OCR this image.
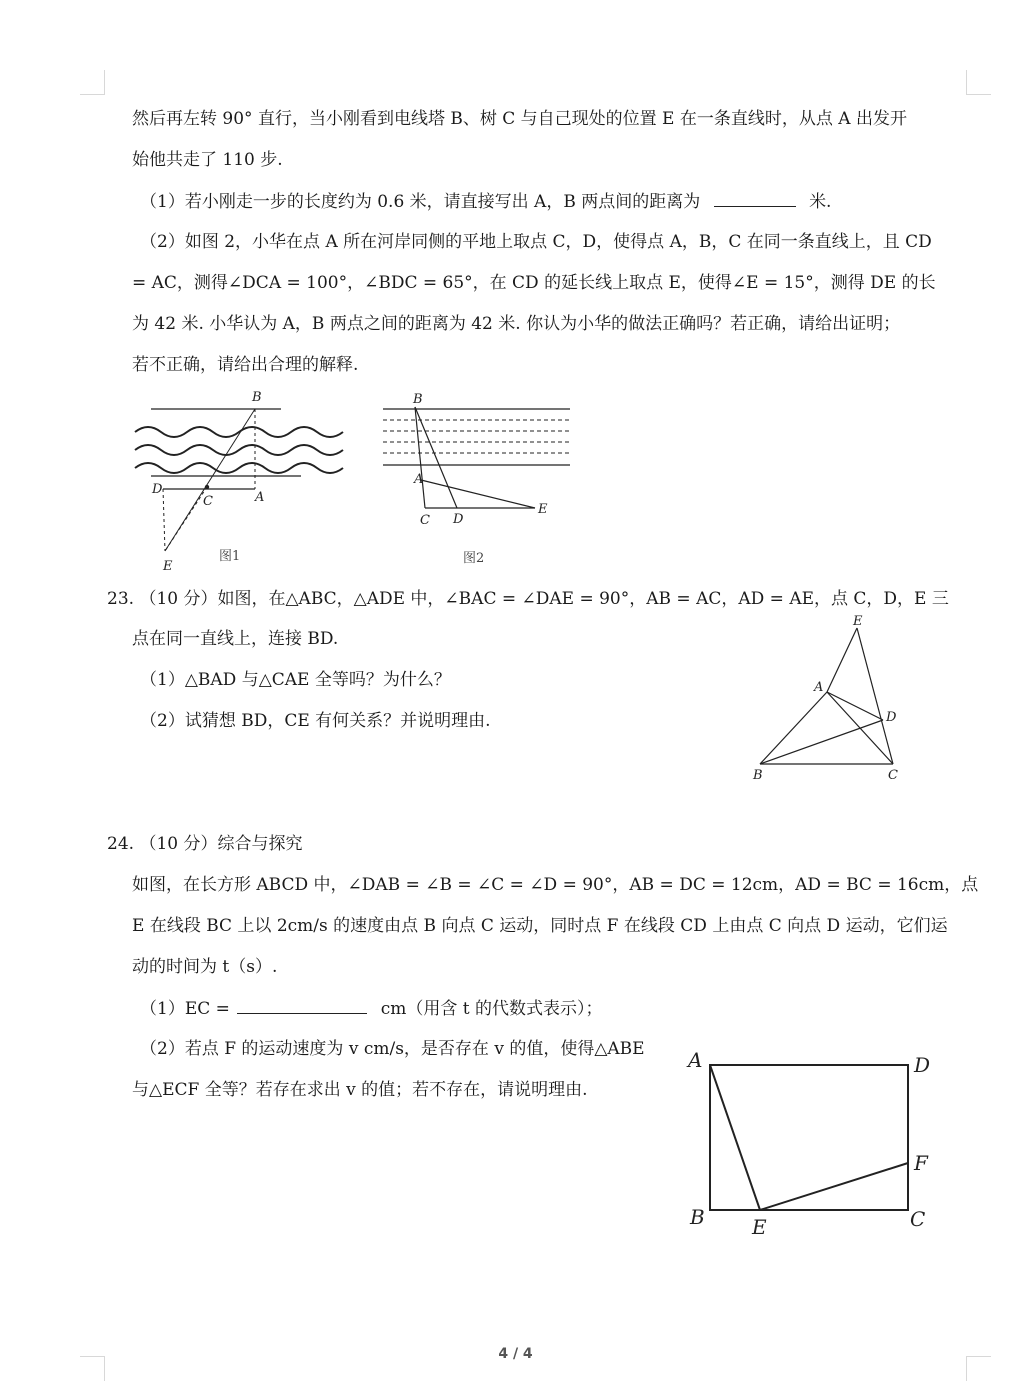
然后再左转 90° 直行，当小刚看到电线塔 B、树 C 与自己现处的位置 E 在一条直线时，从点 A 出发开
始他共走了 110 步.
（1）若小刚走一步的长度约为 0.6 米，请直接写出 A，B 两点间的距离为	米.
（2）如图 2，小华在点 A 所在河岸同侧的平地上取点 C，D，使得点 A，B，C 在同一条直线上，且 CD
= AC，测得∠DCA = 100°，∠BDC = 65°，在 CD 的延长线上取点 E，使得∠E = 15°，测得 DE 的长
为 42 米. 小华认为 A，B 两点之间的距离为 42 米. 你认为小华的做法正确吗？若正确，请给出证明；
若不正确，请给出合理的解释.
B
A
C
D
E
图1
B
A
C D
E
图2
23. （10 分）如图，在△ABC，△ADE 中，∠BAC = ∠DAE = 90°，AB = AC，AD = AE，点 C，D，E 三
点在同一直线上，连接 BD.
（1）△BAD 与△CAE 全等吗？为什么？
（2）试猜想 BD，CE 有何关系？并说明理由.
E
A
D
B	C
24. （10 分）综合与探究
如图，在长方形 ABCD 中，∠DAB = ∠B = ∠C = ∠D = 90°，AB = DC = 12cm，AD = BC = 16cm，点
E 在线段 BC 上以 2cm/s 的速度由点 B 向点 C 运动，同时点 F 在线段 CD 上由点 C 向点 D 运动，它们运
动的时间为 t（s）.
（1）EC =	cm（用含 t 的代数式表示）；
（2）若点 F 的运动速度为 v cm/s，是否存在 v 的值，使得△ABE
与△ECF 全等？若存在求出 v 的值；若不存在，请说明理由.
A	D
F
B E	C
4 / 4
